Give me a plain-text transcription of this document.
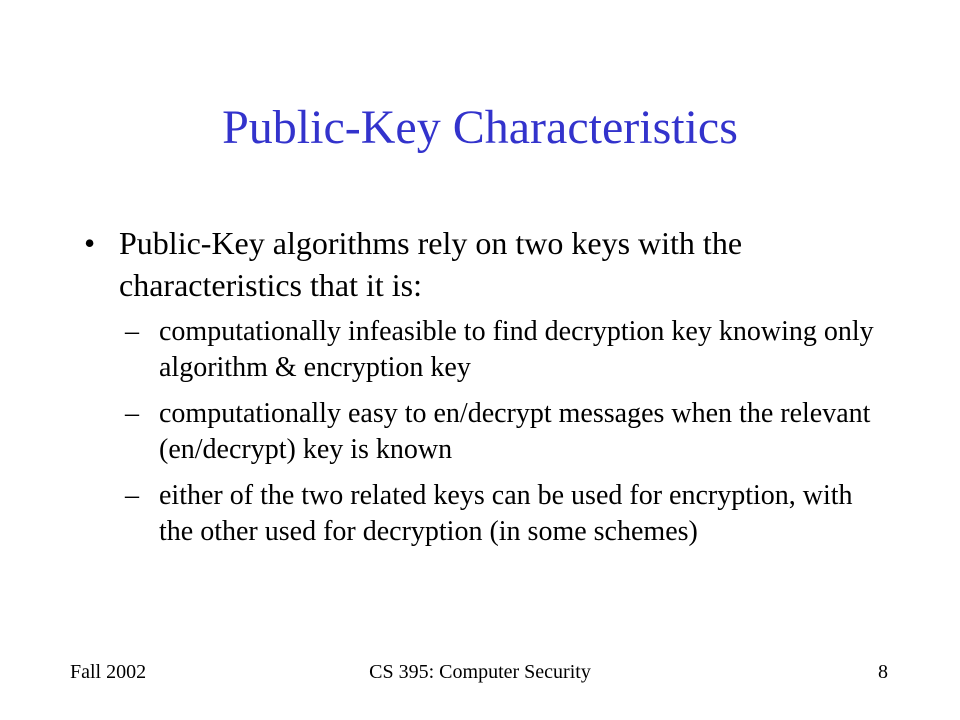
Public-Key Characteristics
• Public-Key algorithms rely on two keys with the characteristics that it is:
– computationally infeasible to find decryption key knowing only algorithm & encryption key
– computationally easy to en/decrypt messages when the relevant (en/decrypt) key is known
– either of the two related keys can be used for encryption, with the other used for decryption (in some schemes)
Fall 2002	CS 395: Computer Security	8
